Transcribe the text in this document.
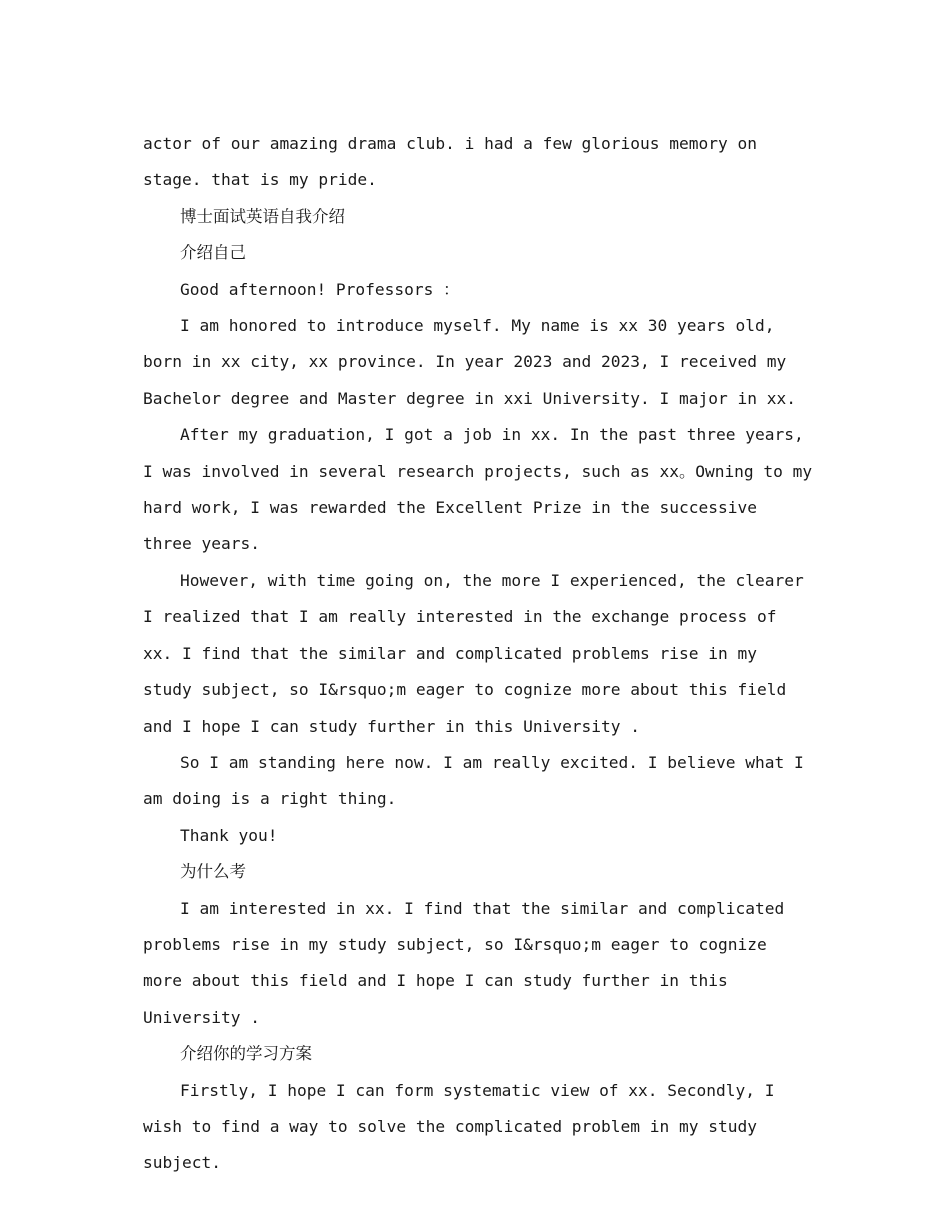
actor of our amazing drama club. i had a few glorious memory on stage. that is my pride.

博士面试英语自我介绍

介绍自己

Good afternoon! Professors ：

I am honored to introduce myself. My name is xx 30 years old, born in xx city, xx province. In year 2023 and 2023, I received my Bachelor degree and Master degree in xxi University. I major in xx.

After my graduation, I got a job in xx. In the past three years, I was involved in several research projects, such as xx。Owning to my hard work, I was rewarded the Excellent Prize in the successive three years.

However, with time going on, the more I experienced, the clearer I realized that I am really interested in the exchange process of xx. I find that the similar and complicated problems rise in my study subject, so I&rsquo;m eager to cognize more about this field and I hope I can study further in this University .

So I am standing here now. I am really excited. I believe what I am doing is a right thing.

Thank you!

为什么考

I am interested in xx. I find that the similar and complicated problems rise in my study subject, so I&rsquo;m eager to cognize more about this field and I hope I can study further in this University .

介绍你的学习方案

Firstly, I hope I can form systematic view of xx. Secondly, I wish to find a way to solve the complicated problem in my study subject.
